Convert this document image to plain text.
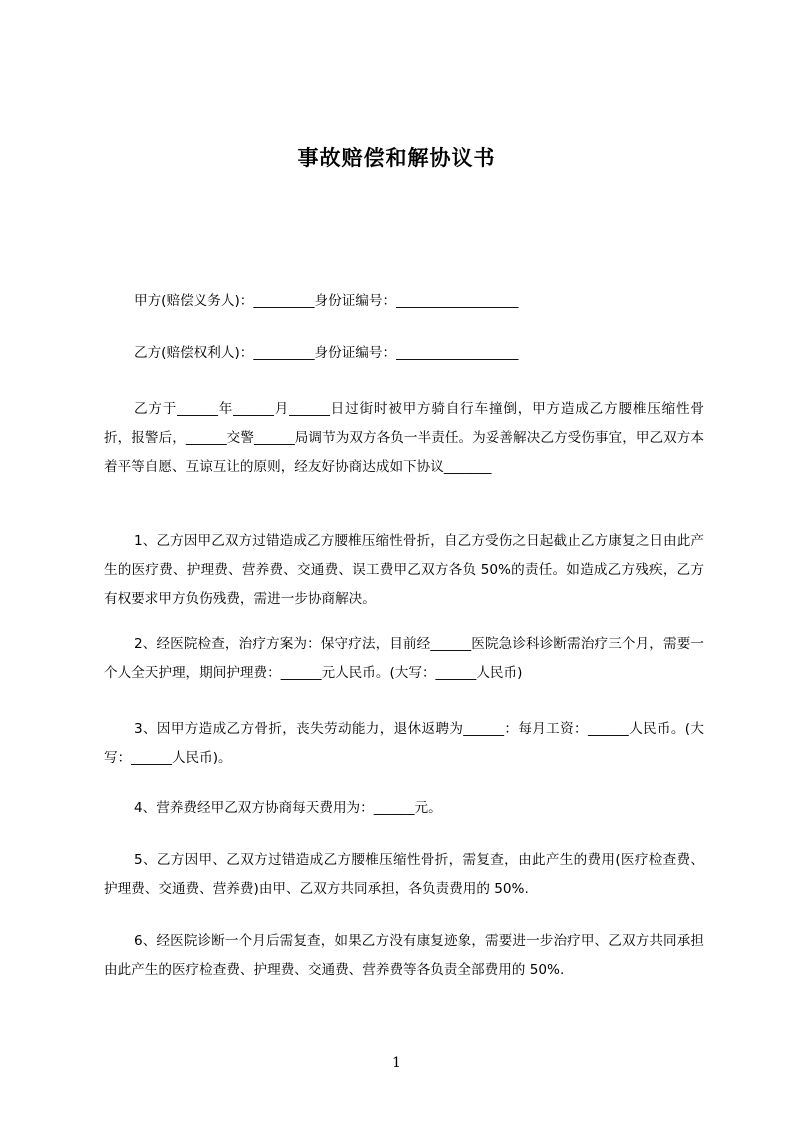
事故赔偿和解协议书

甲方(赔偿义务人)：_________身份证编号：__________________

乙方(赔偿权利人)：_________身份证编号：__________________

乙方于______年______月______日过街时被甲方骑自行车撞倒，甲方造成乙方腰椎压缩性骨折，报警后，______交警______局调节为双方各负一半责任。为妥善解决乙方受伤事宜，甲乙双方本着平等自愿、互谅互让的原则，经友好协商达成如下协议_______

1、乙方因甲乙双方过错造成乙方腰椎压缩性骨折，自乙方受伤之日起截止乙方康复之日由此产生的医疗费、护理费、营养费、交通费、误工费甲乙双方各负 50%的责任。如造成乙方残疾，乙方有权要求甲方负伤残费，需进一步协商解决。

2、经医院检查，治疗方案为：保守疗法，目前经______医院急诊科诊断需治疗三个月，需要一个人全天护理，期间护理费：______元人民币。(大写：______人民币)

3、因甲方造成乙方骨折，丧失劳动能力，退休返聘为______：每月工资：______人民币。(大写：______人民币)。

4、营养费经甲乙双方协商每天费用为：______元。

5、乙方因甲、乙双方过错造成乙方腰椎压缩性骨折，需复查，由此产生的费用(医疗检查费、护理费、交通费、营养费)由甲、乙双方共同承担，各负责费用的 50%.

6、经医院诊断一个月后需复查，如果乙方没有康复迹象，需要进一步治疗甲、乙双方共同承担由此产生的医疗检查费、护理费、交通费、营养费等各负责全部费用的 50%.

1
